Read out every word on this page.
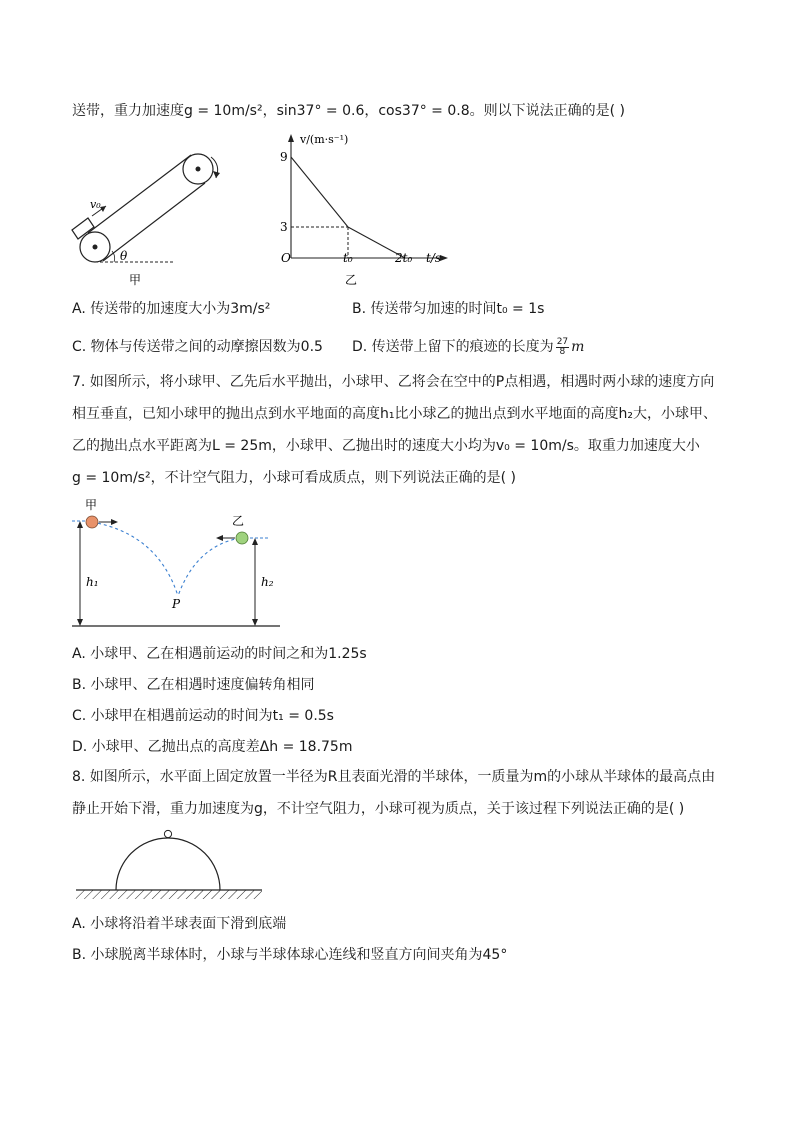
送带，重力加速度g = 10m/s²，sin37° = 0.6，cos37° = 0.8。则以下说法正确的是( )
v₀
θ
甲
v/(m·s⁻¹)
9
3
O	t₀	2t₀ t/s
乙
A. 传送带的加速度大小为3m/s²	B. 传送带匀加速的时间t₀ = 1s
C. 物体与传送带之间的动摩擦因数为0.5 D. 传送带上留下的痕迹的长度为 $\frac{27}{8}$ m
7. 如图所示，将小球甲、乙先后水平抛出，小球甲、乙将会在空中的P点相遇，相遇时两小球的速度方向
相互垂直，已知小球甲的抛出点到水平地面的高度h₁比小球乙的抛出点到水平地面的高度h₂大，小球甲、
乙的抛出点水平距离为L = 25m，小球甲、乙抛出时的速度大小均为v₀ = 10m/s。取重力加速度大小
g = 10m/s²，不计空气阻力，小球可看成质点，则下列说法正确的是( )
h₁	h₂
甲
乙
P
A. 小球甲、乙在相遇前运动的时间之和为1.25s
B. 小球甲、乙在相遇时速度偏转角相同
C. 小球甲在相遇前运动的时间为t₁ = 0.5s
D. 小球甲、乙抛出点的高度差Δh = 18.75m
8. 如图所示，水平面上固定放置一半径为R且表面光滑的半球体，一质量为m的小球从半球体的最高点由
静止开始下滑，重力加速度为g，不计空气阻力，小球可视为质点，关于该过程下列说法正确的是( )
A. 小球将沿着半球表面下滑到底端
B. 小球脱离半球体时，小球与半球体球心连线和竖直方向间夹角为45°
